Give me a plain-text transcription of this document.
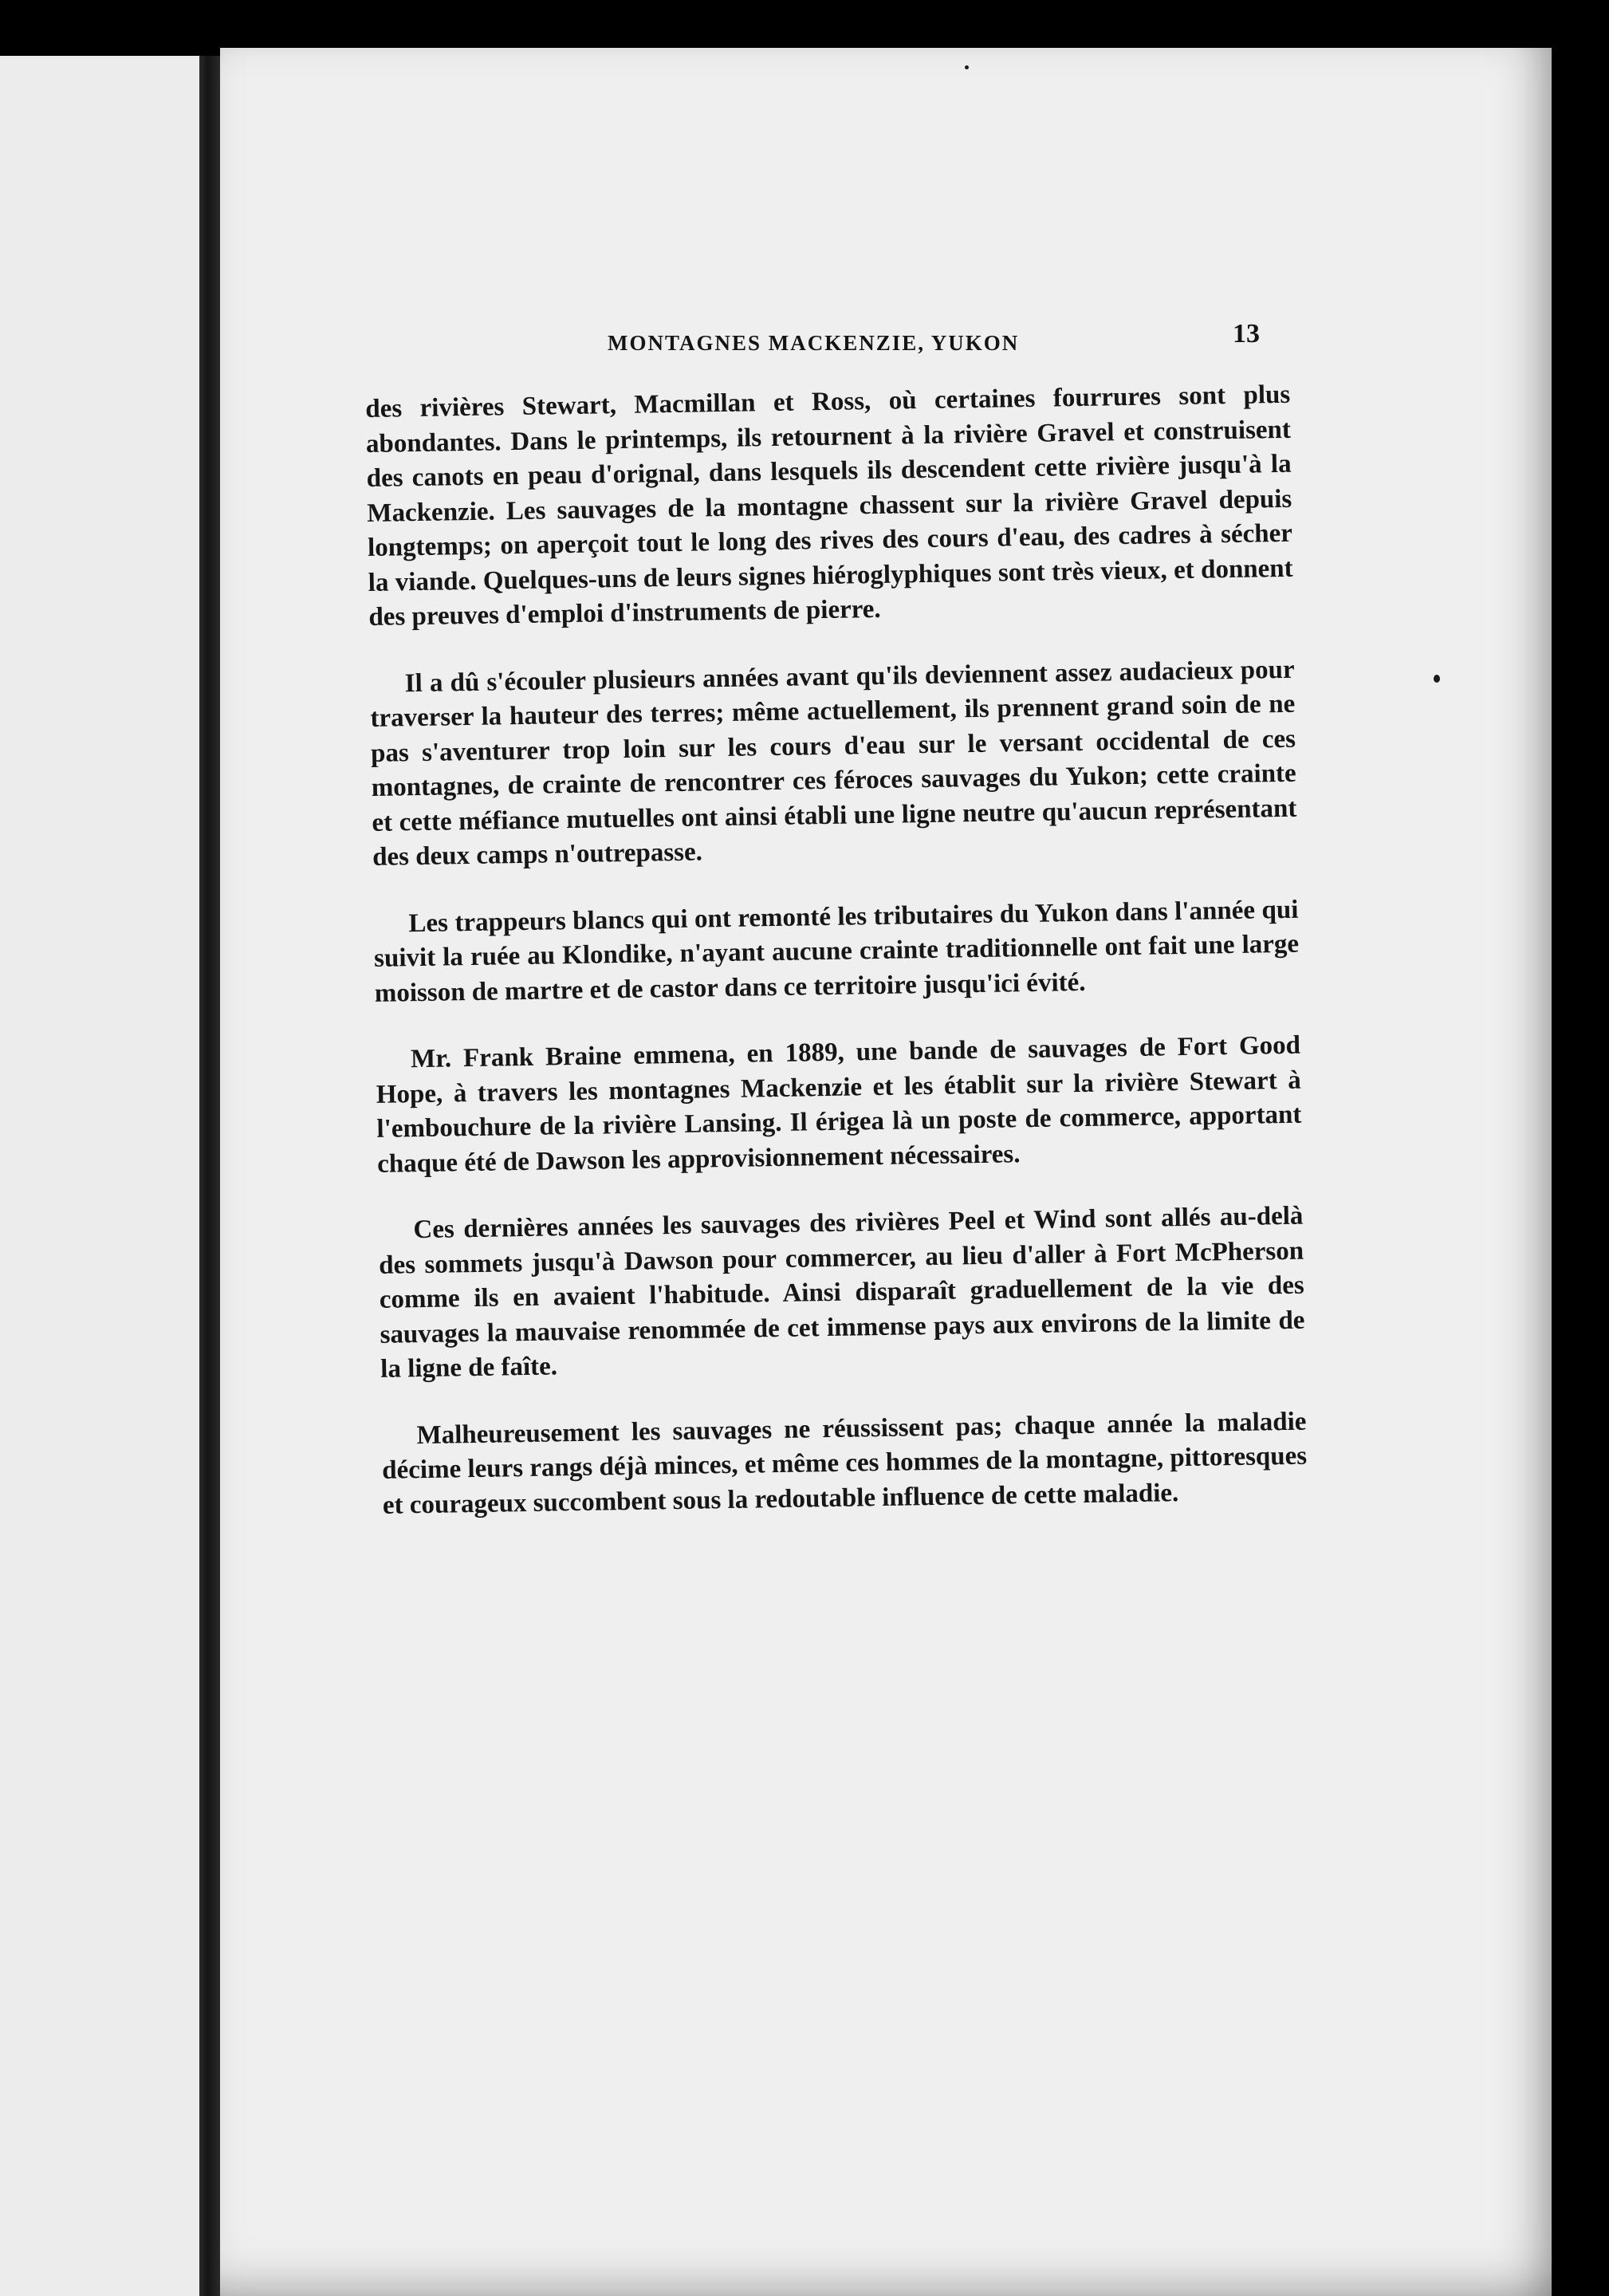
MONTAGNES MACKENZIE, YUKON	13

des rivières Stewart, Macmillan et Ross, où certaines fourrures sont plus abondantes. Dans le printemps, ils retournent à la rivière Gravel et construisent des canots en peau d'orignal, dans lesquels ils descendent cette rivière jusqu'à la Mackenzie. Les sauvages de la montagne chassent sur la rivière Gravel depuis longtemps; on aperçoit tout le long des rives des cours d'eau, des cadres à sécher la viande. Quelques-uns de leurs signes hiéroglyphiques sont très vieux, et donnent des preuves d'emploi d'instruments de pierre.

Il a dû s'écouler plusieurs années avant qu'ils deviennent assez audacieux pour traverser la hauteur des terres; même actuellement, ils prennent grand soin de ne pas s'aventurer trop loin sur les cours d'eau sur le versant occidental de ces montagnes, de crainte de rencontrer ces féroces sauvages du Yukon; cette crainte et cette méfiance mutuelles ont ainsi établi une ligne neutre qu'aucun représentant des deux camps n'outrepasse.

Les trappeurs blancs qui ont remonté les tributaires du Yukon dans l'année qui suivit la ruée au Klondike, n'ayant aucune crainte traditionnelle ont fait une large moisson de martre et de castor dans ce territoire jusqu'ici évité.

Mr. Frank Braine emmena, en 1889, une bande de sauvages de Fort Good Hope, à travers les montagnes Mackenzie et les établit sur la rivière Stewart à l'embouchure de la rivière Lansing. Il érigea là un poste de commerce, apportant chaque été de Dawson les approvisionnement nécessaires.

Ces dernières années les sauvages des rivières Peel et Wind sont allés au-delà des sommets jusqu'à Dawson pour commercer, au lieu d'aller à Fort McPherson comme ils en avaient l'habitude. Ainsi disparaît graduellement de la vie des sauvages la mauvaise renommée de cet immense pays aux environs de la limite de la ligne de faîte.

Malheureusement les sauvages ne réussissent pas; chaque année la maladie décime leurs rangs déjà minces, et même ces hommes de la montagne, pittoresques et courageux succombent sous la redoutable influence de cette maladie.
